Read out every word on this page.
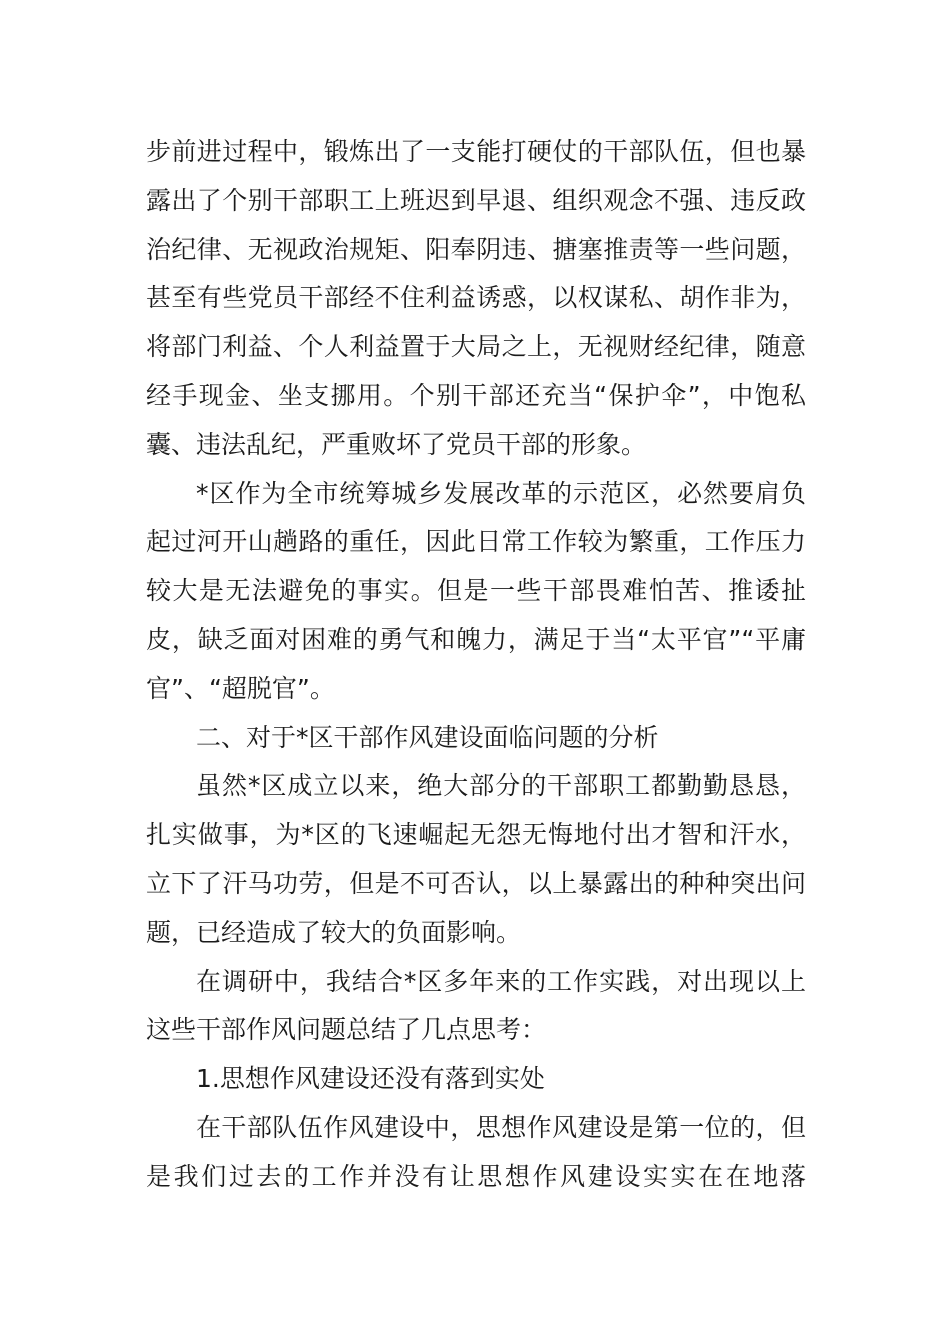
步前进过程中，锻炼出了一支能打硬仗的干部队伍，但也暴露出了个别干部职工上班迟到早退、组织观念不强、违反政治纪律、无视政治规矩、阳奉阴违、搪塞推责等一些问题，甚至有些党员干部经不住利益诱惑，以权谋私、胡作非为，将部门利益、个人利益置于大局之上，无视财经纪律，随意经手现金、坐支挪用。个别干部还充当“保护伞”，中饱私囊、违法乱纪，严重败坏了党员干部的形象。

*区作为全市统筹城乡发展改革的示范区，必然要肩负起过河开山趟路的重任，因此日常工作较为繁重，工作压力较大是无法避免的事实。但是一些干部畏难怕苦、推诿扯皮，缺乏面对困难的勇气和魄力，满足于当“太平官”“平庸官”、“超脱官”。

二、对于*区干部作风建设面临问题的分析

虽然*区成立以来，绝大部分的干部职工都勤勤恳恳，扎实做事，为*区的飞速崛起无怨无悔地付出才智和汗水，立下了汗马功劳，但是不可否认，以上暴露出的种种突出问题，已经造成了较大的负面影响。

在调研中，我结合*区多年来的工作实践，对出现以上这些干部作风问题总结了几点思考：

1.思想作风建设还没有落到实处

在干部队伍作风建设中，思想作风建设是第一位的，但是我们过去的工作并没有让思想作风建设实实在在地落
